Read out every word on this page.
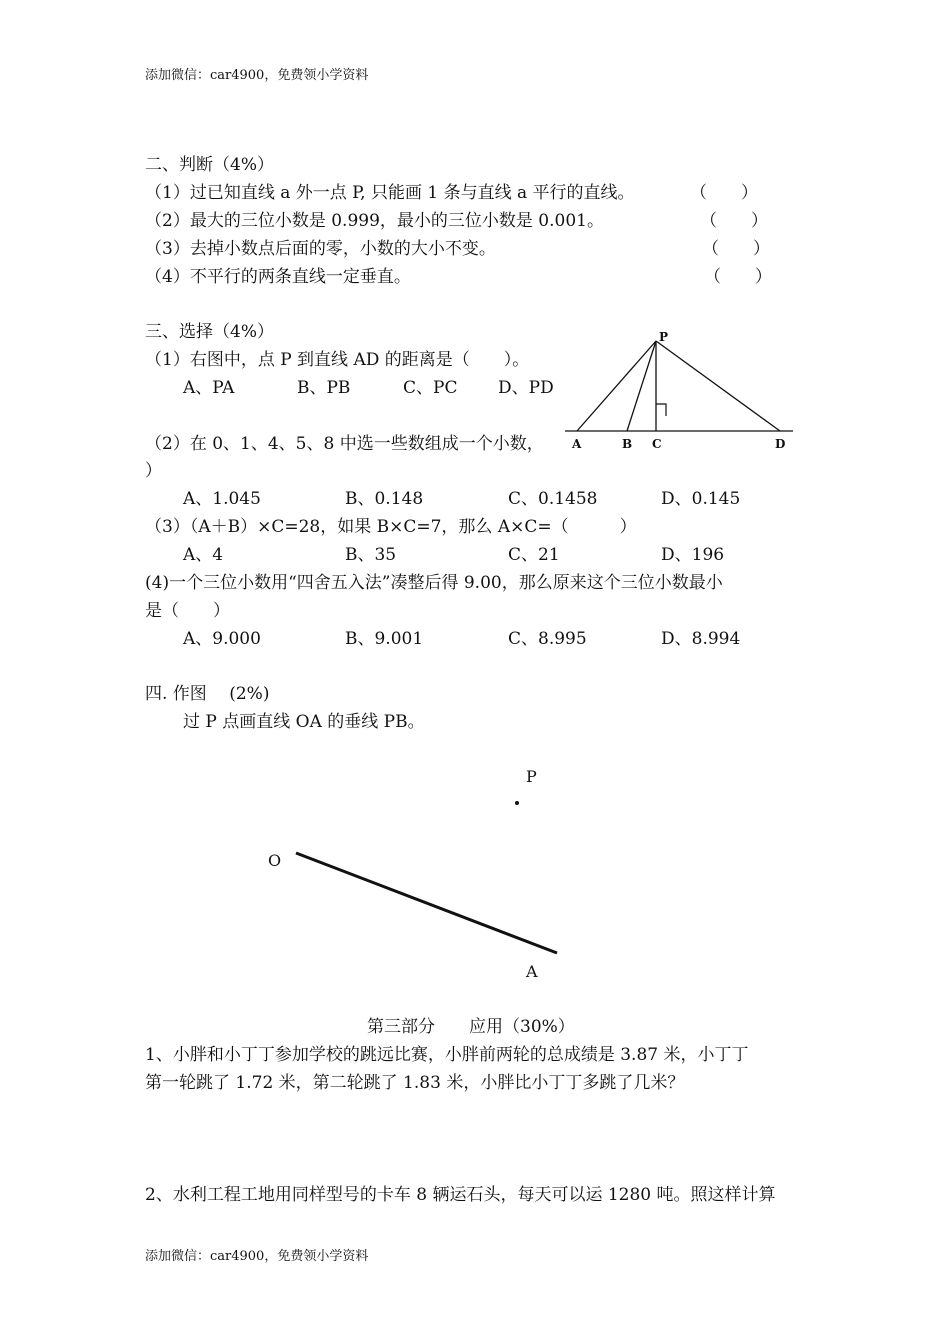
添加微信：car4900，免费领小学资料
二、判断（4%）
（1）过已知直线 a 外一点 P, 只能画 1 条与直线 a 平行的直线。	（　　）
（2）最大的三位小数是 0.999，最小的三位小数是 0.001。	（　　）
（3）去掉小数点后面的零，小数的大小不变。	（　　）
（4）不平行的两条直线一定垂直。	（　　）
三、选择（4%）
（1）右图中，点 P 到直线 AD 的距离是（　　）。
A、PA	B、PB	C、PC D、PD
（2）在 0、1、4、5、8 中选一些数组成一个小数，
）
A、1.045	B、0.148	C、0.1458	D、0.145
（3）（A＋B）×C=28，如果 B×C=7，那么 A×C=（　　　）
A、4	B、35	C、21	D、196
(4)一个三位小数用“四舍五入法”凑整后得 9.00，那么原来这个三位小数最小
是（　　）
A、9.000	B、9.001	C、8.995	D、8.994
P
A	B C	D
P
O
A
四. 作图　 (2%)
过 P 点画直线 OA 的垂线 PB。
第三部分　　应用（30%）
1、小胖和小丁丁参加学校的跳远比赛，小胖前两轮的总成绩是 3.87 米，小丁丁
第一轮跳了 1.72 米，第二轮跳了 1.83 米，小胖比小丁丁多跳了几米？
2、水利工程工地用同样型号的卡车 8 辆运石头，每天可以运 1280 吨。照这样计算
添加微信：car4900，免费领小学资料
